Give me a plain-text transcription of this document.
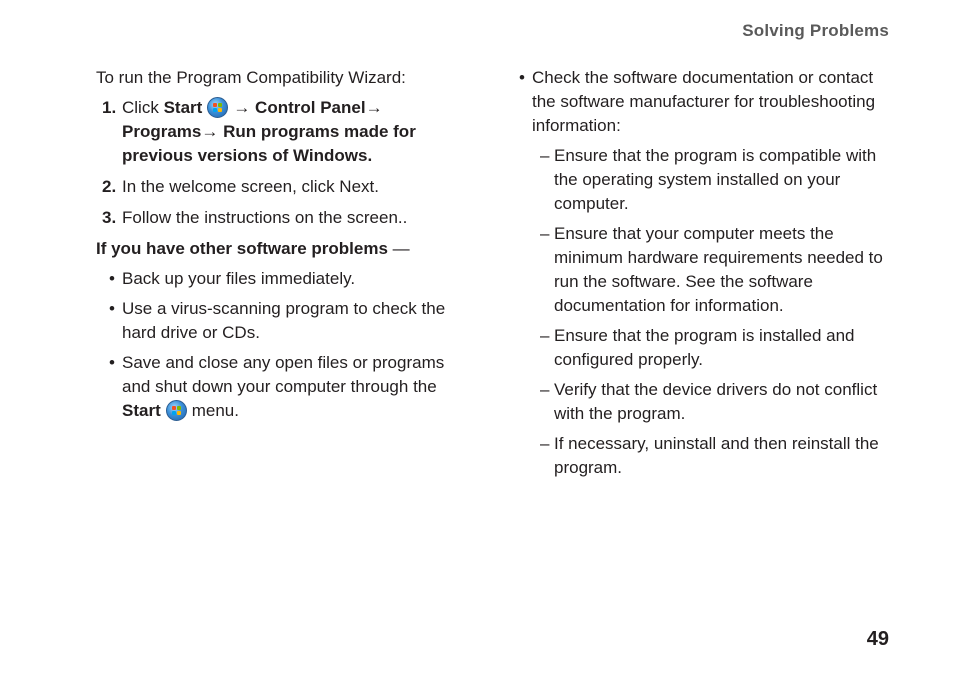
Solving Problems

To run the Program Compatibility Wizard:

1. Click Start → Control Panel→ Programs→ Run programs made for previous versions of Windows.
2. In the welcome screen, click Next.
3. Follow the instructions on the screen..

If you have other software problems —

• Back up your files immediately.
• Use a virus-scanning program to check the hard drive or CDs.
• Save and close any open files or programs and shut down your computer through the Start menu.
• Check the software documentation or contact the software manufacturer for troubleshooting information:
– Ensure that the program is compatible with the operating system installed on your computer.
– Ensure that your computer meets the minimum hardware requirements needed to run the software. See the software documentation for information.
– Ensure that the program is installed and configured properly.
– Verify that the device drivers do not conflict with the program.
– If necessary, uninstall and then reinstall the program.
49
